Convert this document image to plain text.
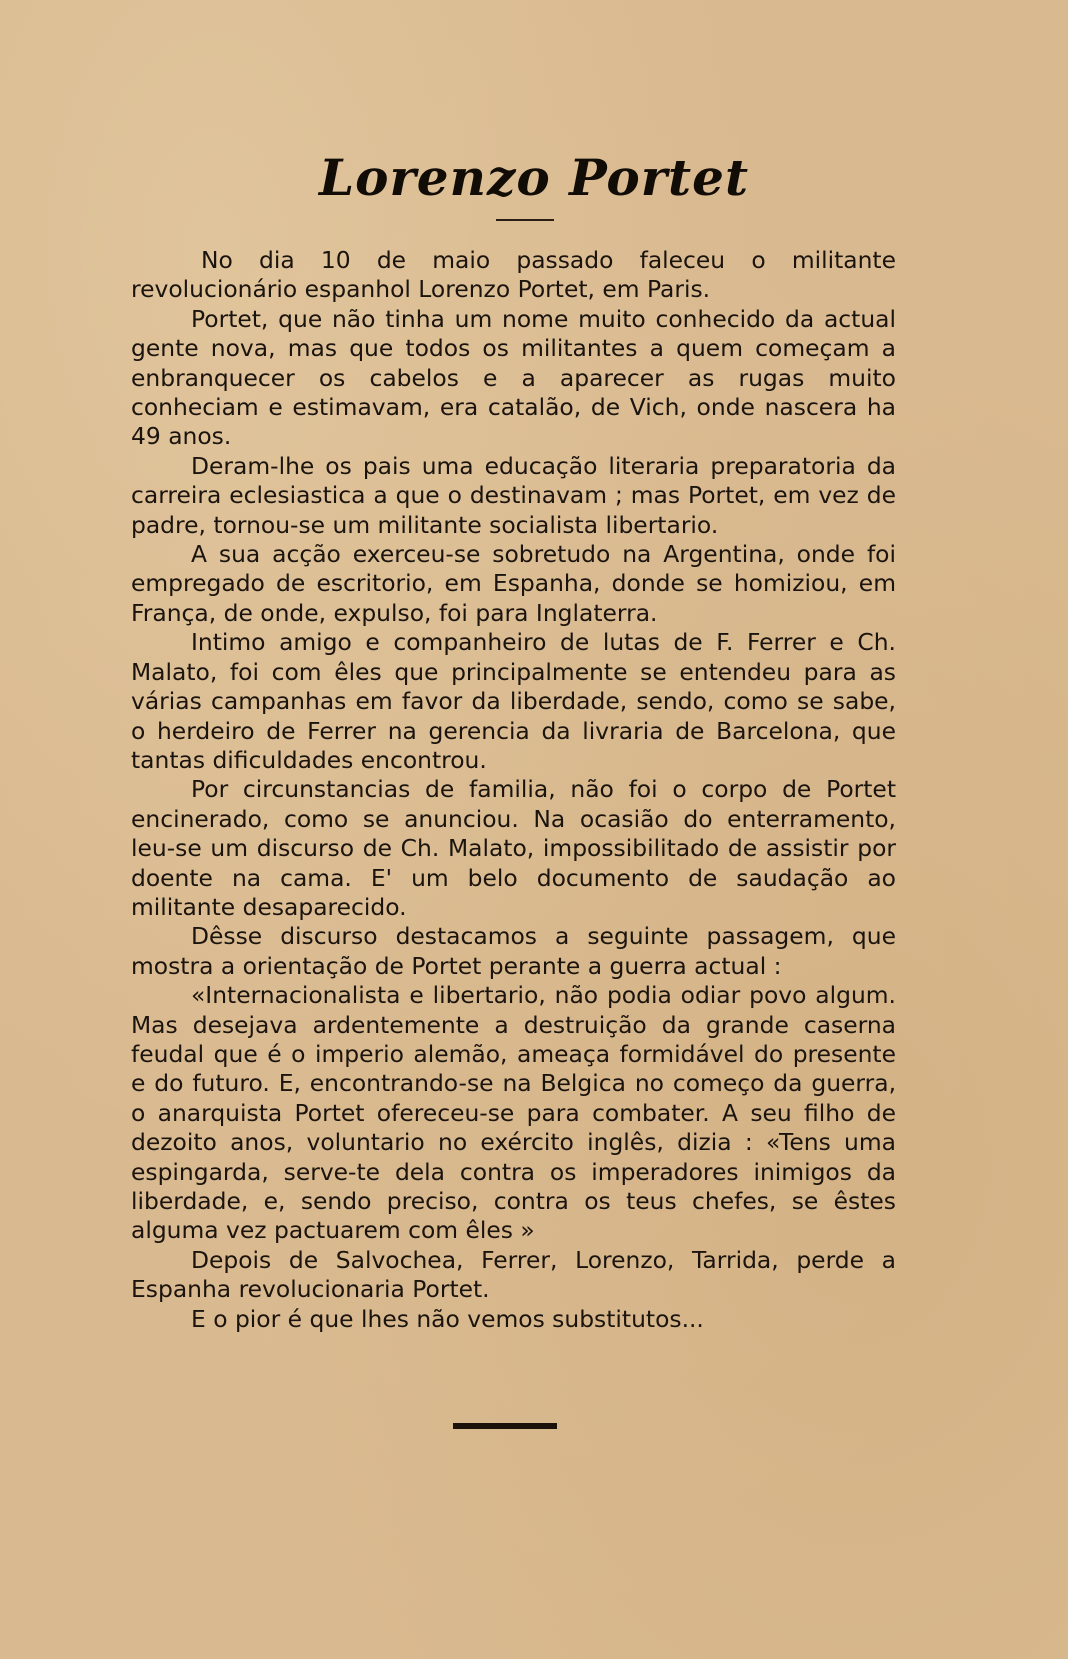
Lorenzo Portet

No dia 10 de maio passado faleceu o militante revolucionário espanhol Lorenzo Portet, em Paris.

Portet, que não tinha um nome muito conhecido da actual gente nova, mas que todos os militantes a quem começam a enbranquecer os cabelos e a aparecer as rugas muito conheciam e estimavam, era catalão, de Vich, onde nascera ha 49 anos.

Deram-lhe os pais uma educação literaria preparatoria da carreira eclesiastica a que o destinavam ; mas Portet, em vez de padre, tornou-se um militante socialista libertario.

A sua acção exerceu-se sobretudo na Argentina, onde foi empregado de escritorio, em Espanha, donde se homiziou, em França, de onde, expulso, foi para Inglaterra.

Intimo amigo e companheiro de lutas de F. Ferrer e Ch. Malato, foi com êles que principalmente se entendeu para as várias campanhas em favor da liberdade, sendo, como se sabe, o herdeiro de Ferrer na gerencia da livraria de Barcelona, que tantas dificuldades encontrou.

Por circunstancias de familia, não foi o corpo de Portet encinerado, como se anunciou. Na ocasião do enterramento, leu-se um discurso de Ch. Malato, impossibilitado de assistir por doente na cama. E' um belo documento de saudação ao militante desaparecido.

Dêsse discurso destacamos a seguinte passagem, que mostra a orientação de Portet perante a guerra actual :

«Internacionalista e libertario, não podia odiar povo algum. Mas desejava ardentemente a destruição da grande caserna feudal que é o imperio alemão, ameaça formidável do presente e do futuro. E, encontrando-se na Belgica no começo da guerra, o anarquista Portet ofereceu-se para combater. A seu filho de dezoito anos, voluntario no exército inglês, dizia : «Tens uma espingarda, serve-te dela contra os imperadores inimigos da liberdade, e, sendo preciso, contra os teus chefes, se êstes alguma vez pactuarem com êles »

Depois de Salvochea, Ferrer, Lorenzo, Tarrida, perde a Espanha revolucionaria Portet.

E o pior é que lhes não vemos substitutos...
